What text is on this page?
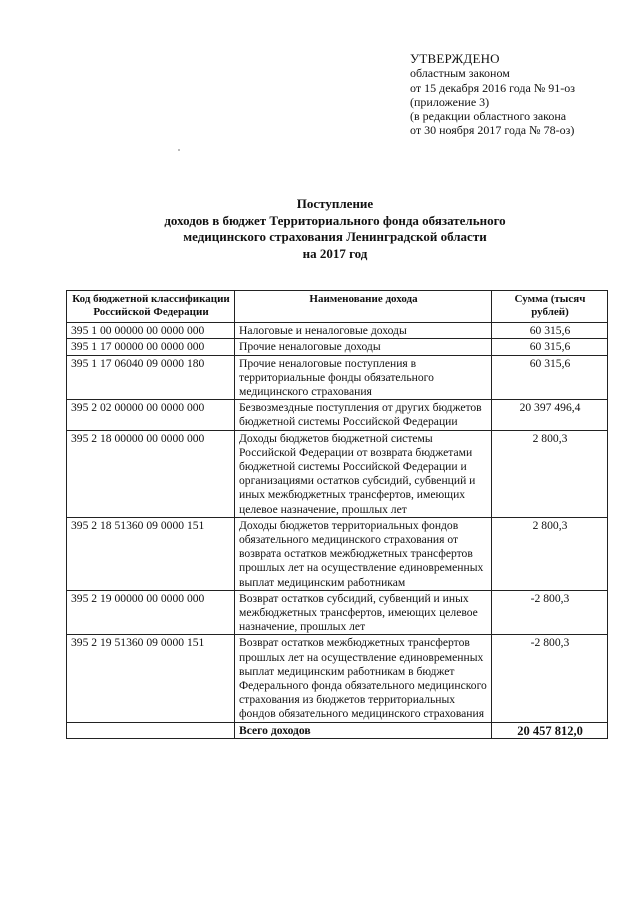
УТВЕРЖДЕНО
областным законом
от 15 декабря 2016 года № 91-оз
(приложение 3)
(в редакции областного закона
от 30 ноября 2017 года № 78-оз)
Поступление
доходов в бюджет Территориального фонда обязательного
медицинского страхования Ленинградской области
на 2017 год
Код бюджетной классификации Российской Федерации	Наименование дохода	Сумма (тысяч рублей)
395 1 00 00000 00 0000 000	Налоговые и неналоговые доходы	60 315,6
395 1 17 00000 00 0000 000	Прочие неналоговые доходы	60 315,6
395 1 17 06040 09 0000 180	Прочие неналоговые поступления в территориальные фонды обязательного медицинского страхования	60 315,6
395 2 02 00000 00 0000 000	Безвозмездные поступления от других бюджетов бюджетной системы Российской Федерации	20 397 496,4
395 2 18 00000 00 0000 000	Доходы бюджетов бюджетной системы Российской Федерации от возврата бюджетами бюджетной системы Российской Федерации и организациями остатков субсидий, субвенций и иных межбюджетных трансфертов, имеющих целевое назначение, прошлых лет	2 800,3
395 2 18 51360 09 0000 151	Доходы бюджетов территориальных фондов обязательного медицинского страхования от возврата остатков межбюджетных трансфертов прошлых лет на осуществление единовременных выплат медицинским работникам	2 800,3
395 2 19 00000 00 0000 000	Возврат остатков субсидий, субвенций и иных межбюджетных трансфертов, имеющих целевое назначение, прошлых лет	-2 800,3
395 2 19 51360 09 0000 151	Возврат остатков межбюджетных трансфертов прошлых лет на осуществление единовременных выплат медицинским работникам в бюджет Федерального фонда обязательного медицинского страхования из бюджетов территориальных фондов обязательного медицинского страхования	-2 800,3
	Всего доходов	20 457 812,0
